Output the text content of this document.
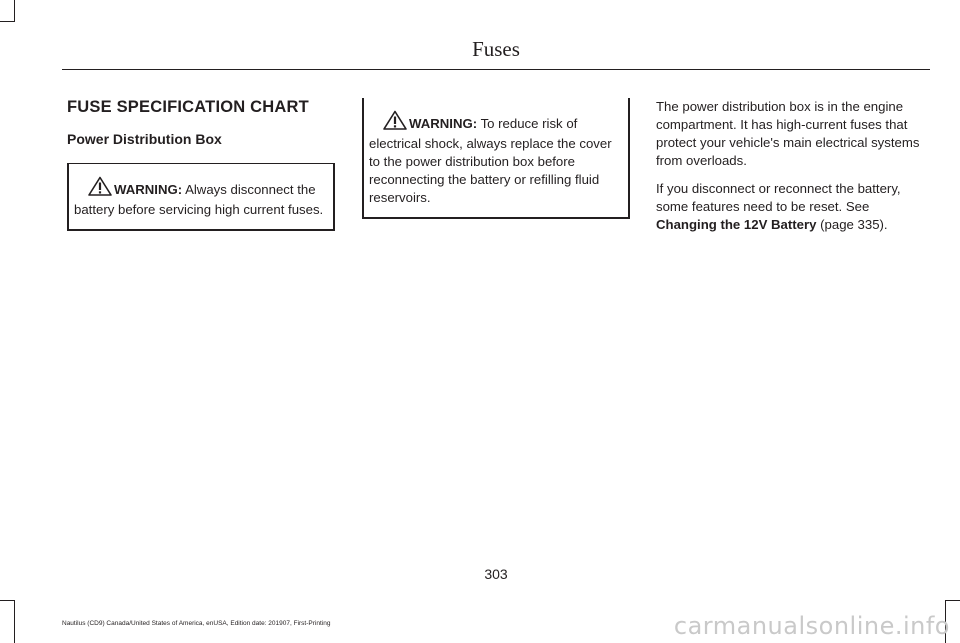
Fuses
FUSE SPECIFICATION CHART
Power Distribution Box
WARNING: Always disconnect the battery before servicing high current fuses.
WARNING: To reduce risk of electrical shock, always replace the cover to the power distribution box before reconnecting the battery or refilling fluid reservoirs.

The power distribution box is in the engine compartment. It has high-current fuses that protect your vehicle's main electrical systems from overloads.

If you disconnect or reconnect the battery, some features need to be reset. See Changing the 12V Battery (page 335).

303
Nautilus (CD9) Canada/United States of America, enUSA, Edition date: 201907, First-Printing	carmanualsonline.info
